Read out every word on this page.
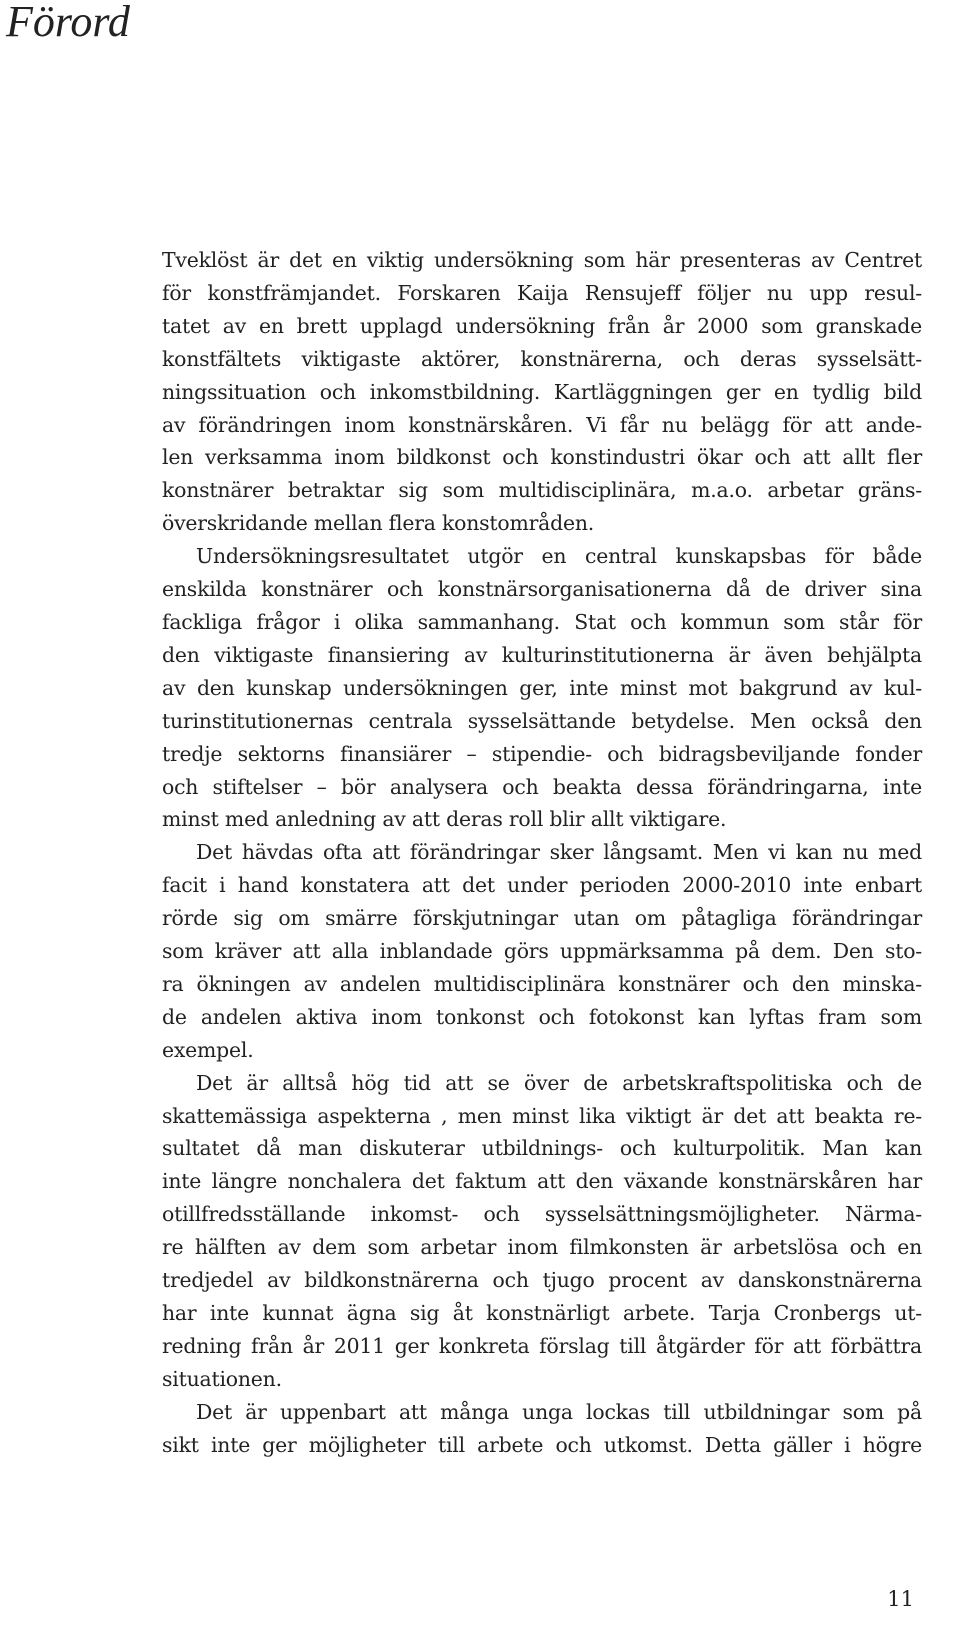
Förord
Tveklöst är det en viktig undersökning som här presenteras av Centret
för konstfrämjandet. Forskaren Kaija Rensujeff följer nu upp resul-
tatet av en brett upplagd undersökning från år 2000 som granskade
konstfältets viktigaste aktörer, konstnärerna, och deras sysselsätt-
ningssituation och inkomstbildning. Kartläggningen ger en tydlig bild
av förändringen inom konstnärskåren. Vi får nu belägg för att ande-
len verksamma inom bildkonst och konstindustri ökar och att allt fler
konstnärer betraktar sig som multidisciplinära, m.a.o. arbetar gräns-
överskridande mellan flera konstområden.
Undersökningsresultatet utgör en central kunskapsbas för både
enskilda konstnärer och konstnärsorganisationerna då de driver sina
fackliga frågor i olika sammanhang. Stat och kommun som står för
den viktigaste finansiering av kulturinstitutionerna är även behjälpta
av den kunskap undersökningen ger, inte minst mot bakgrund av kul-
turinstitutionernas centrala sysselsättande betydelse. Men också den
tredje sektorns finansiärer – stipendie- och bidragsbeviljande fonder
och stiftelser – bör analysera och beakta dessa förändringarna, inte
minst med anledning av att deras roll blir allt viktigare.
Det hävdas ofta att förändringar sker långsamt. Men vi kan nu med
facit i hand konstatera att det under perioden 2000-2010 inte enbart
rörde sig om smärre förskjutningar utan om påtagliga förändringar
som kräver att alla inblandade görs uppmärksamma på dem. Den sto-
ra ökningen av andelen multidisciplinära konstnärer och den minska-
de andelen aktiva inom tonkonst och fotokonst kan lyftas fram som
exempel.
Det är alltså hög tid att se över de arbetskraftspolitiska och de
skattemässiga aspekterna , men minst lika viktigt är det att beakta re-
sultatet då man diskuterar utbildnings- och kulturpolitik. Man kan
inte längre nonchalera det faktum att den växande konstnärskåren har
otillfredsställande inkomst- och sysselsättningsmöjligheter. Närma-
re hälften av dem som arbetar inom filmkonsten är arbetslösa och en
tredjedel av bildkonstnärerna och tjugo procent av danskonstnärerna
har inte kunnat ägna sig åt konstnärligt arbete. Tarja Cronbergs ut-
redning från år 2011 ger konkreta förslag till åtgärder för att förbättra
situationen.
Det är uppenbart att många unga lockas till utbildningar som på
sikt inte ger möjligheter till arbete och utkomst. Detta gäller i högre
11
